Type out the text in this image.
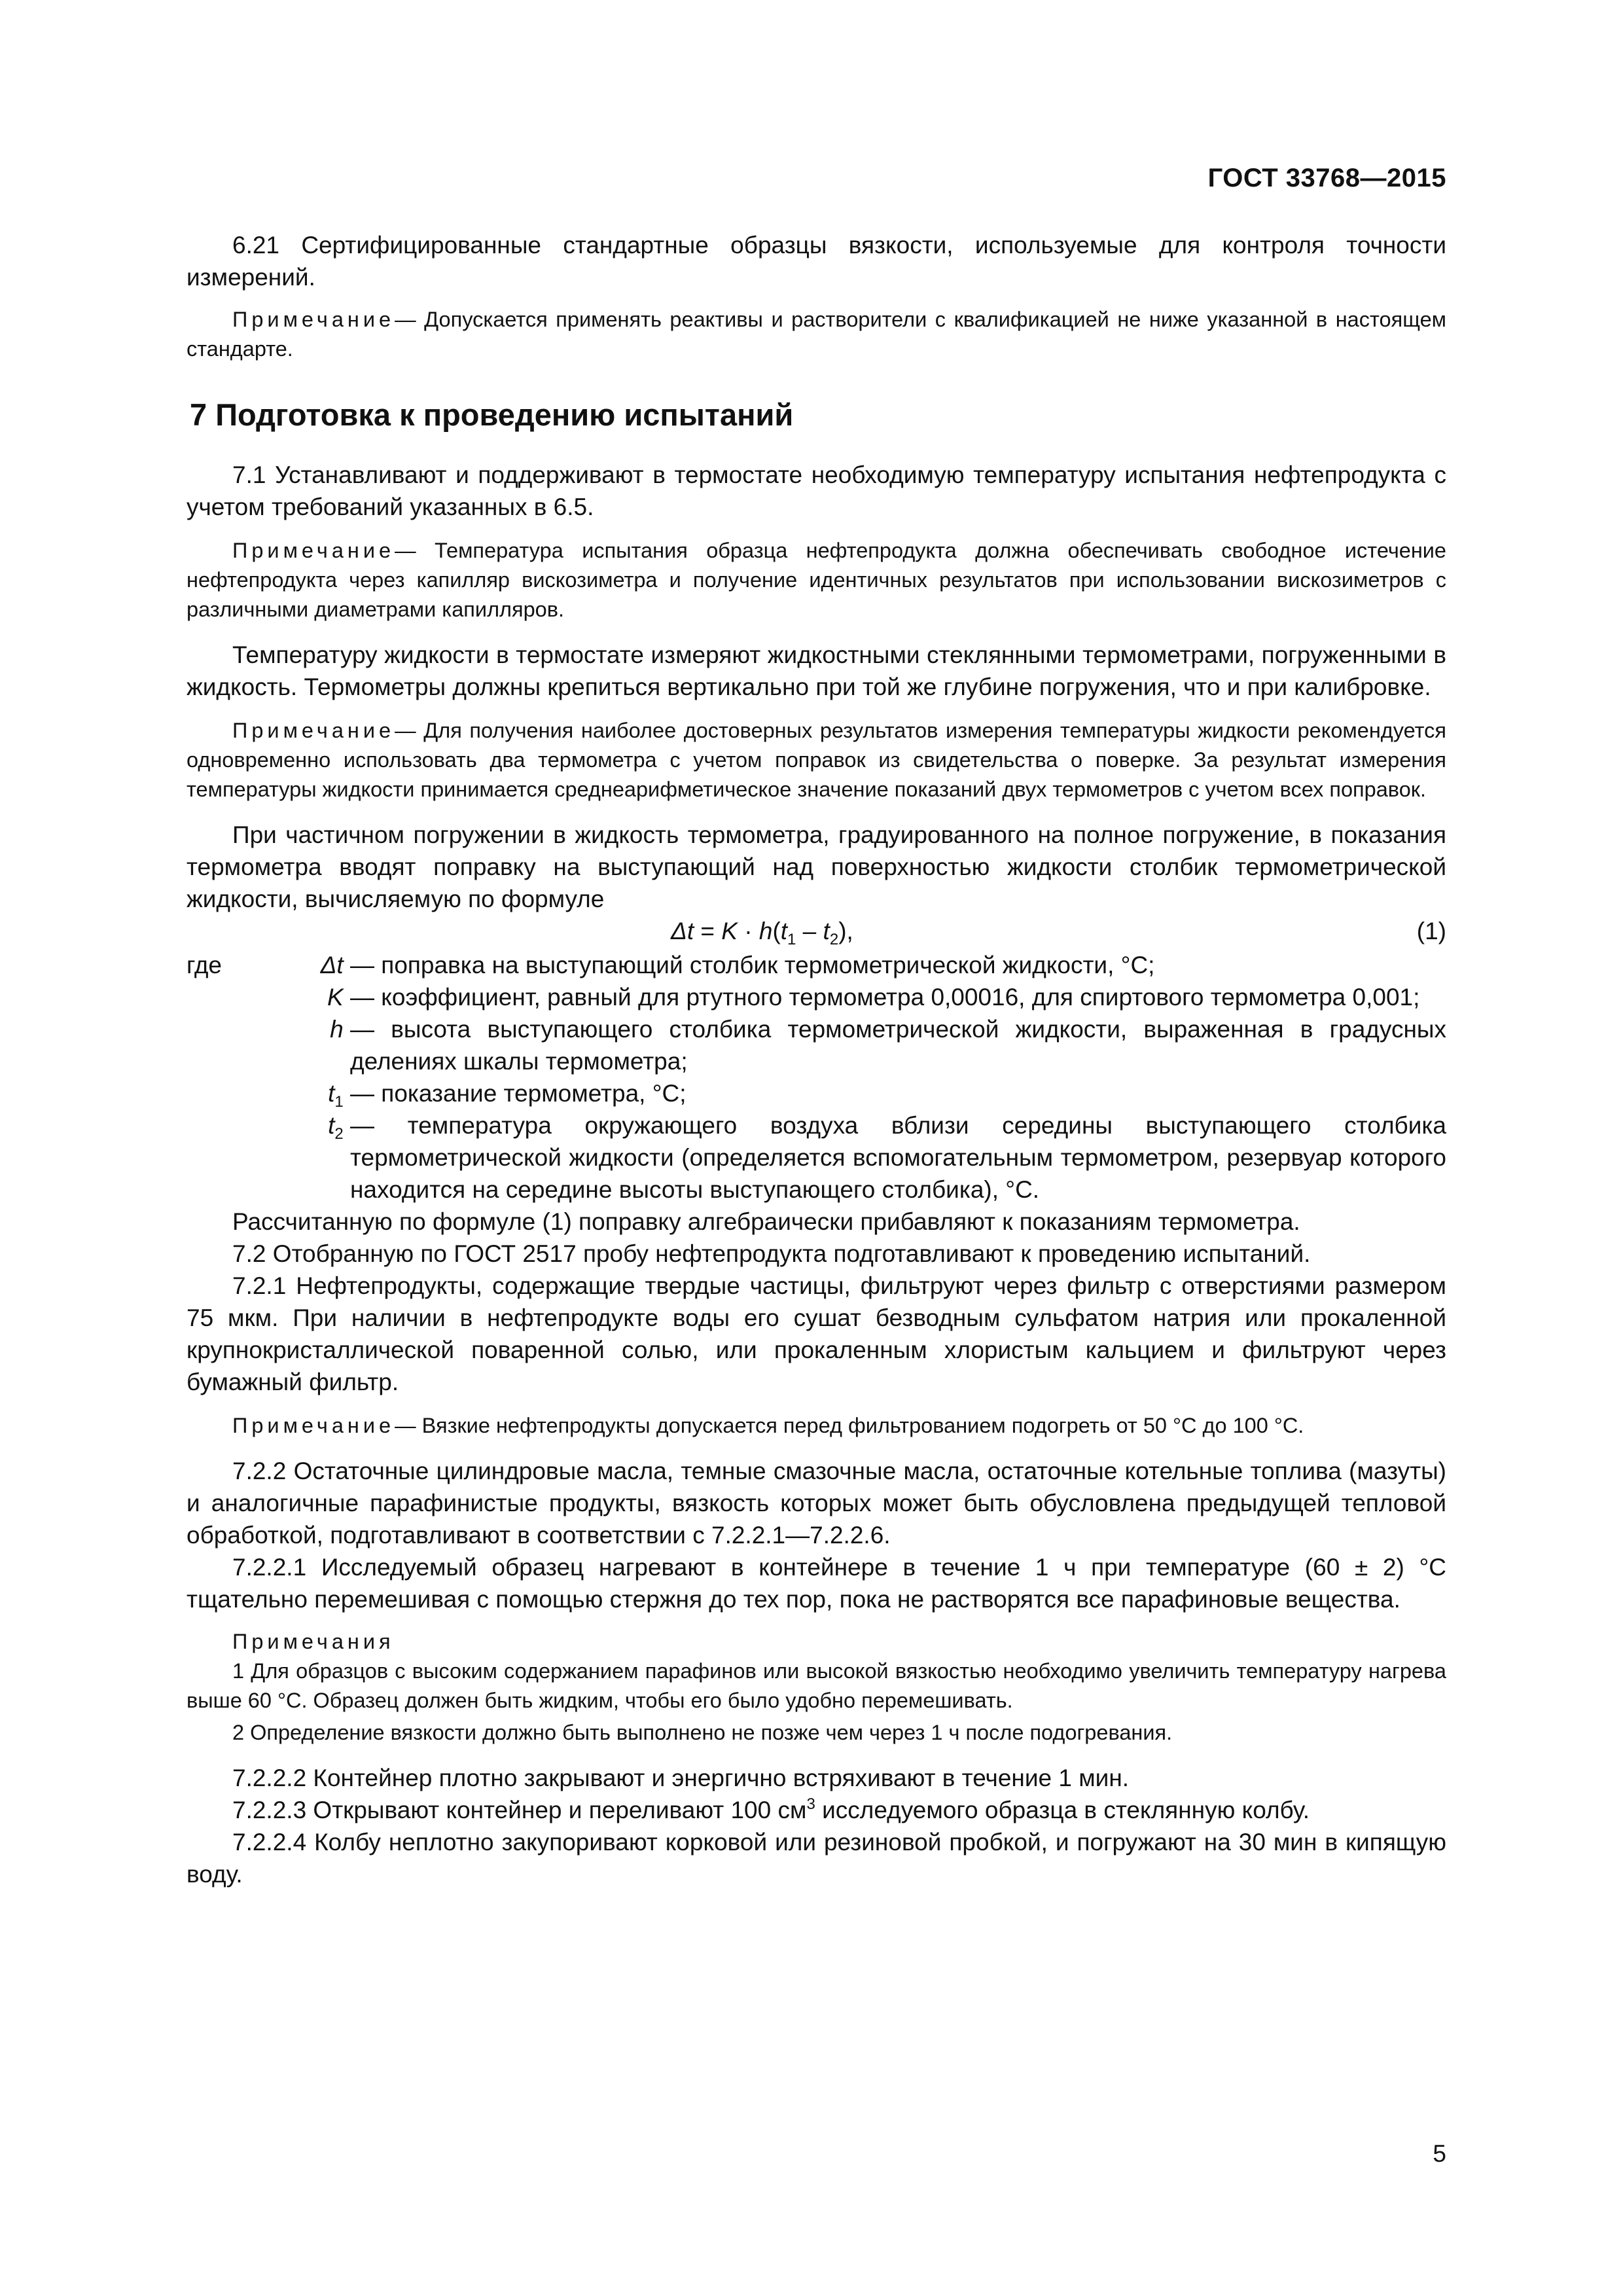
ГОСТ 33768—2015

6.21 Сертифицированные стандартные образцы вязкости, используемые для контроля точности измерений.

Примечание— Допускается применять реактивы и растворители с квалификацией не ниже указанной в настоящем стандарте.

7 Подготовка к проведению испытаний

7.1 Устанавливают и поддерживают в термостате необходимую температуру испытания нефтепродукта с учетом требований указанных в 6.5.

Примечание— Температура испытания образца нефтепродукта должна обеспечивать свободное истечение нефтепродукта через капилляр вискозиметра и получение идентичных результатов при использовании вискозиметров с различными диаметрами капилляров.

Температуру жидкости в термостате измеряют жидкостными стеклянными термометрами, погруженными в жидкость. Термометры должны крепиться вертикально при той же глубине погружения, что и при калибровке.

Примечание— Для получения наиболее достоверных результатов измерения температуры жидкости рекомендуется одновременно использовать два термометра с учетом поправок из свидетельства о поверке. За результат измерения температуры жидкости принимается среднеарифметическое значение показаний двух термометров с учетом всех поправок.

При частичном погружении в жидкость термометра, градуированного на полное погружение, в показания термометра вводят поправку на выступающий над поверхностью жидкости столбик термометрической жидкости, вычисляемую по формуле

$\Delta t = K \cdot h(t_1 - t_2)$,	(1)
где	Δt — поправка на выступающий столбик термометрической жидкости, °С;
K — коэффициент, равный для ртутного термометра 0,00016, для спиртового термометра 0,001;
h — высота выступающего столбика термометрической жидкости, выраженная в градусных делениях шкалы термометра;
$t_1$ — показание термометра, °С;
$t_2$ — температура окружающего воздуха вблизи середины выступающего столбика термометрической жидкости (определяется вспомогательным термометром, резервуар которого находится на середине высоты выступающего столбика), °С.

Рассчитанную по формуле (1) поправку алгебраически прибавляют к показаниям термометра.

7.2 Отобранную по ГОСТ 2517 пробу нефтепродукта подготавливают к проведению испытаний.

7.2.1 Нефтепродукты, содержащие твердые частицы, фильтруют через фильтр с отверстиями размером 75 мкм. При наличии в нефтепродукте воды его сушат безводным сульфатом натрия или прокаленной крупнокристаллической поваренной солью, или прокаленным хлористым кальцием и фильтруют через бумажный фильтр.

Примечание— Вязкие нефтепродукты допускается перед фильтрованием подогреть от 50 °С до 100 °С.

7.2.2 Остаточные цилиндровые масла, темные смазочные масла, остаточные котельные топлива (мазуты) и аналогичные парафинистые продукты, вязкость которых может быть обусловлена предыдущей тепловой обработкой, подготавливают в соответствии с 7.2.2.1—7.2.2.6.

7.2.2.1 Исследуемый образец нагревают в контейнере в течение 1 ч при температуре (60 ± 2) °С тщательно перемешивая с помощью стержня до тех пор, пока не растворятся все парафиновые вещества.

Примечания

1 Для образцов с высоким содержанием парафинов или высокой вязкостью необходимо увеличить температуру нагрева выше 60 °С. Образец должен быть жидким, чтобы его было удобно перемешивать.

2 Определение вязкости должно быть выполнено не позже чем через 1 ч после подогревания.

7.2.2.2 Контейнер плотно закрывают и энергично встряхивают в течение 1 мин.

7.2.2.3 Открывают контейнер и переливают 100 $см^3$ исследуемого образца в стеклянную колбу.

7.2.2.4 Колбу неплотно закупоривают корковой или резиновой пробкой, и погружают на 30 мин в кипящую воду.

5
